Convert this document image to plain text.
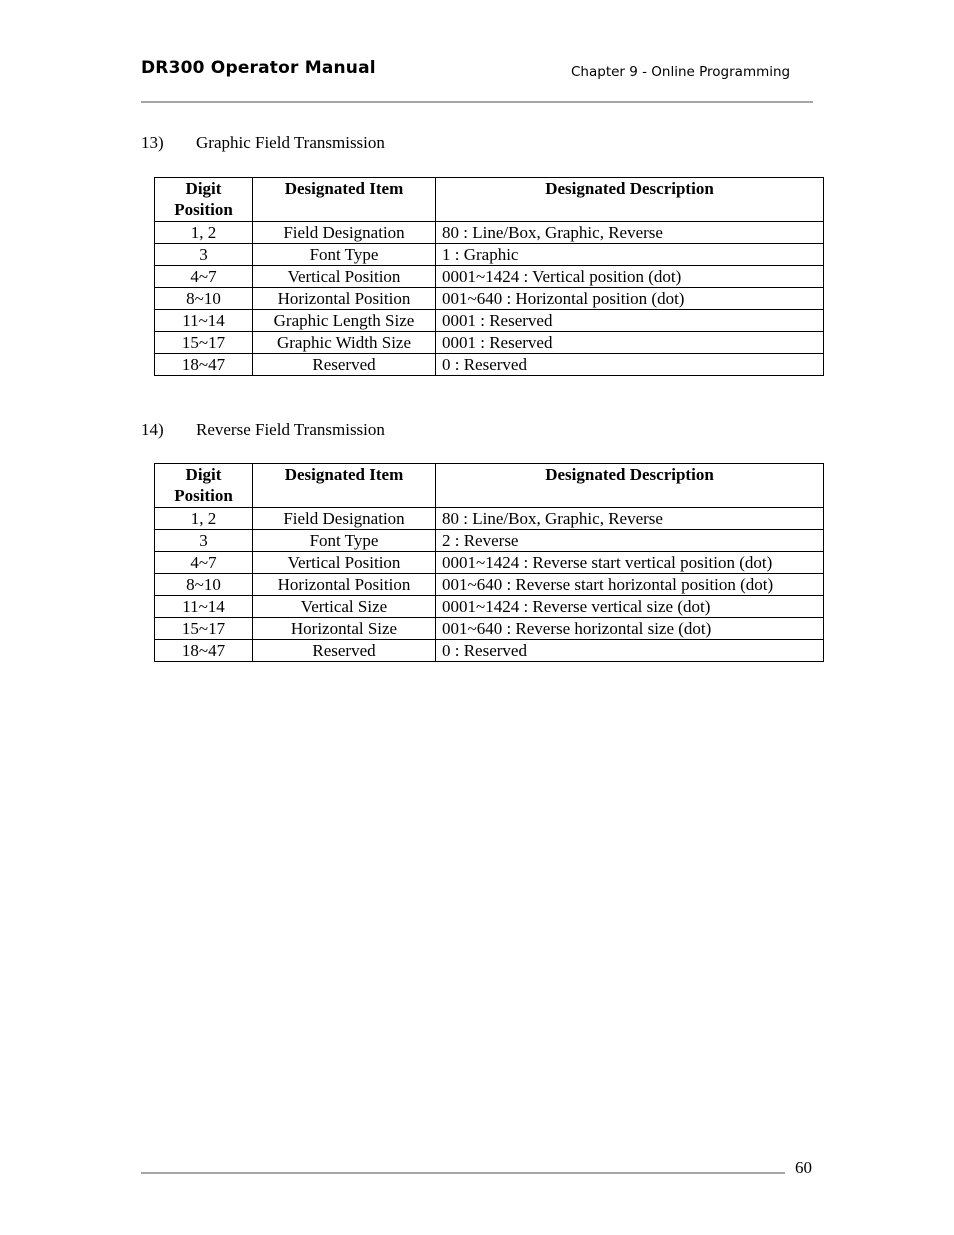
DR300 Operator Manual	Chapter 9 - Online Programming
13) Graphic Field Transmission
Digit Position	Designated Item	Designated Description
1, 2	Field Designation	80 : Line/Box, Graphic, Reverse
3	Font Type	1 : Graphic
4~7	Vertical Position	0001~1424 : Vertical position (dot)
8~10	Horizontal Position	001~640 : Horizontal position (dot)
11~14	Graphic Length Size	0001 : Reserved
15~17	Graphic Width Size	0001 : Reserved
18~47	Reserved	0 : Reserved
14) Reverse Field Transmission
Digit Position	Designated Item	Designated Description
1, 2	Field Designation	80 : Line/Box, Graphic, Reverse
3	Font Type	2 : Reverse
4~7	Vertical Position	0001~1424 : Reverse start vertical position (dot)
8~10	Horizontal Position	001~640 : Reverse start horizontal position (dot)
11~14	Vertical Size	0001~1424 : Reverse vertical size (dot)
15~17	Horizontal Size	001~640 : Reverse horizontal size (dot)
18~47	Reserved	0 : Reserved
60
